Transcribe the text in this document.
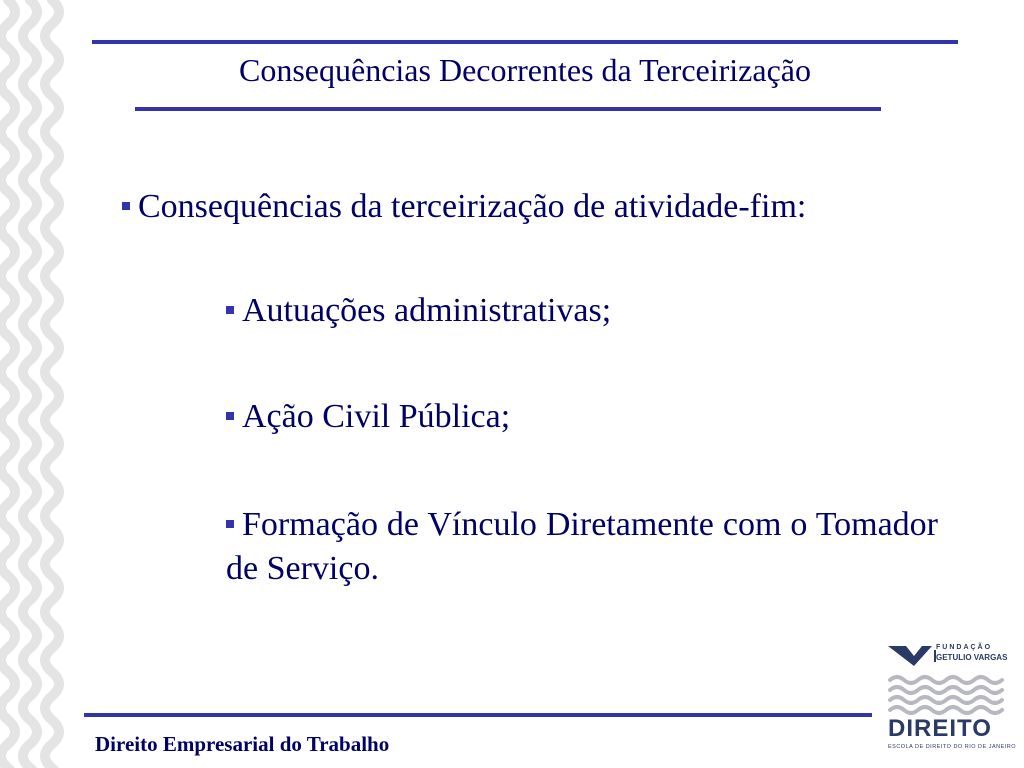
Consequências Decorrentes da Terceirização
Consequências da terceirização de atividade-fim:
Autuações administrativas;
Ação Civil Pública;
Formação de Vínculo Diretamente com o Tomador de Serviço.
Direito Empresarial do Trabalho
FUNDAÇÃO
GETULIO VARGAS
DIREITO
ESCOLA DE DIREITO DO RIO DE JANEIRO
